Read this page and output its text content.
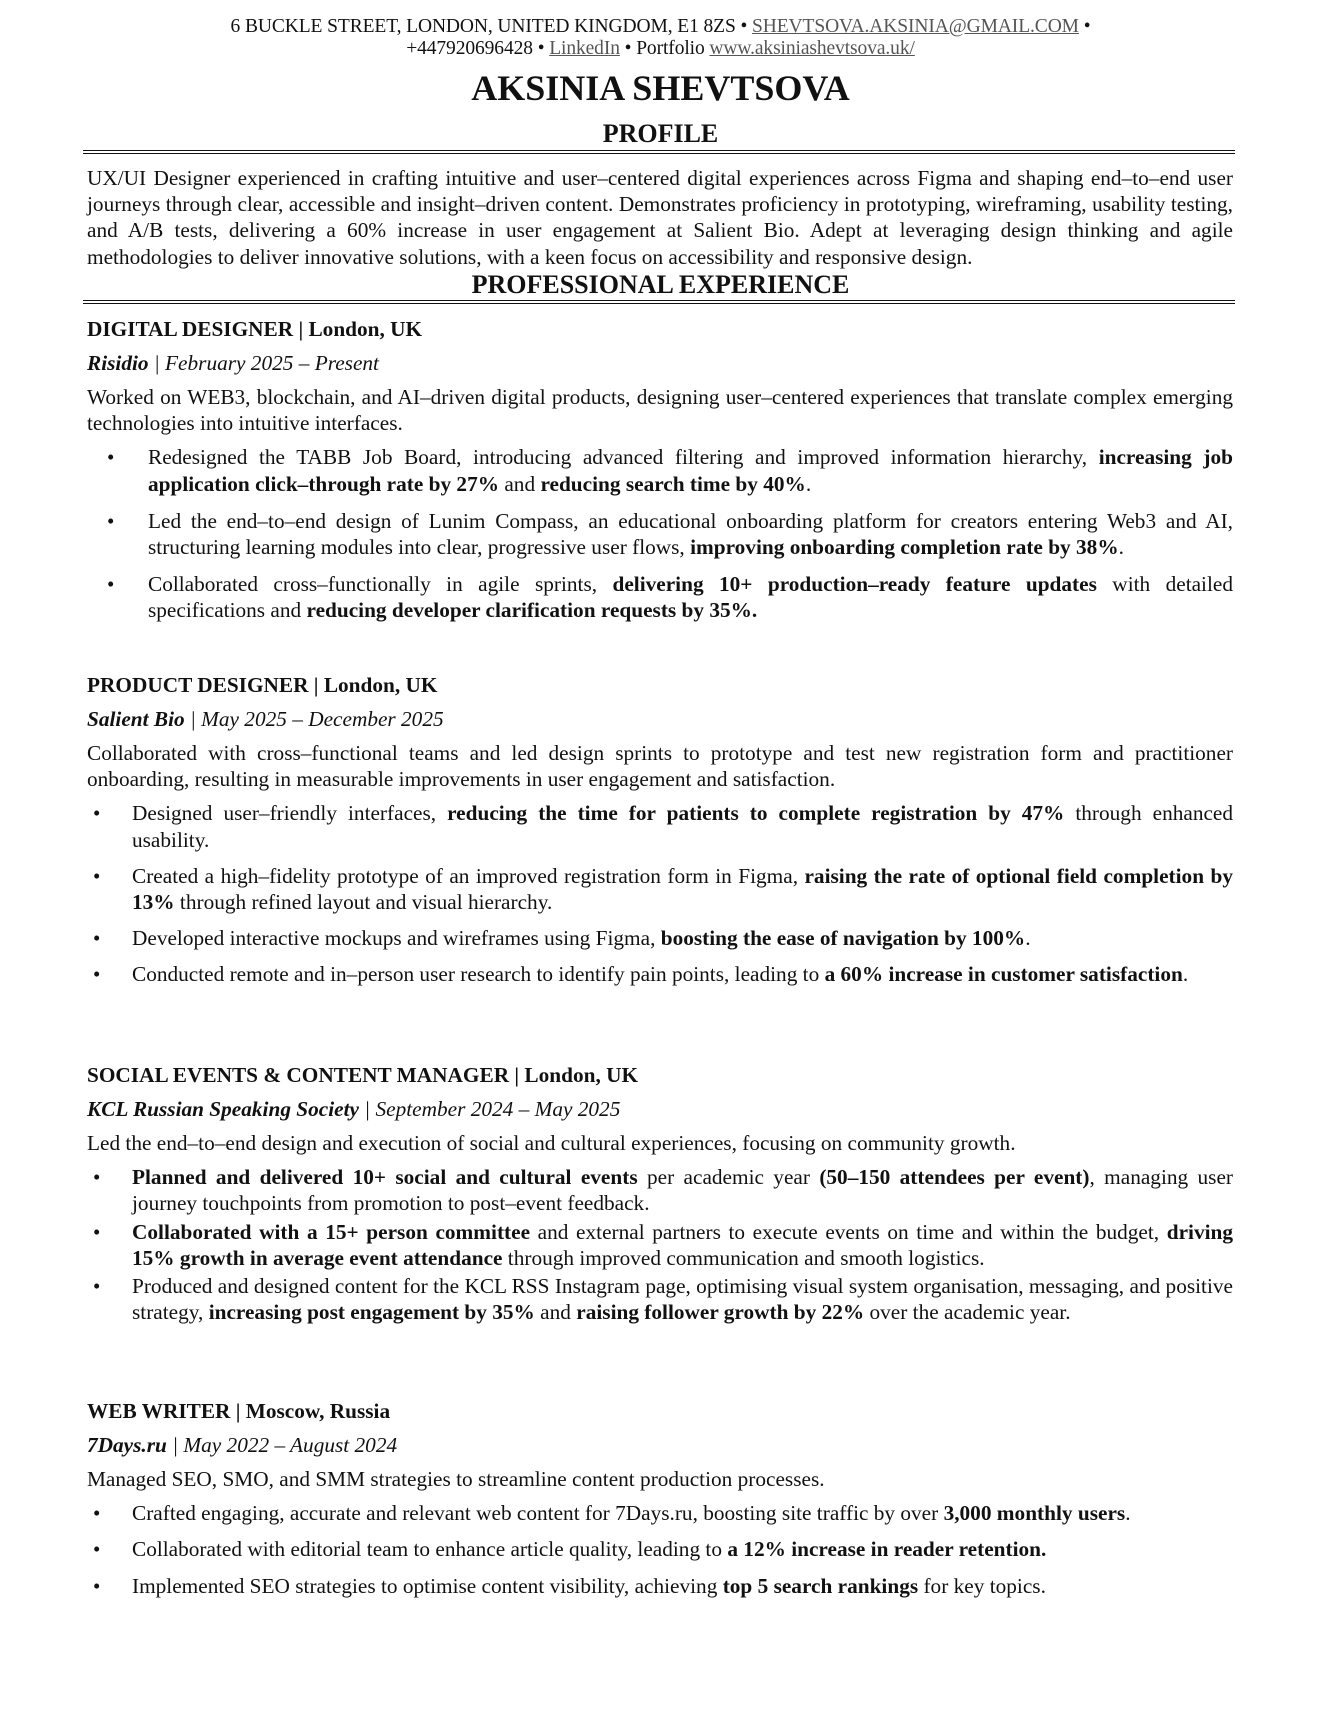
6 BUCKLE STREET, LONDON, UNITED KINGDOM, E1 8ZS • SHEVTSOVA.AKSINIA@GMAIL.COM •
+447920696428 • LinkedIn • Portfolio www.aksiniashevtsova.uk/
AKSINIA SHEVTSOVA
PROFILE
UX/UI Designer experienced in crafting intuitive and user–centered digital experiences across Figma and shaping end–to–end user journeys through clear, accessible and insight–driven content. Demonstrates proficiency in prototyping, wireframing, usability testing, and A/B tests, delivering a 60% increase in user engagement at Salient Bio. Adept at leveraging design thinking and agile methodologies to deliver innovative solutions, with a keen focus on accessibility and responsive design.
PROFESSIONAL EXPERIENCE

DIGITAL DESIGNER | London, UK

Risidio | February 2025 – Present

Worked on WEB3, blockchain, and AI–driven digital products, designing user–centered experiences that translate complex emerging technologies into intuitive interfaces.

• Redesigned the TABB Job Board, introducing advanced filtering and improved information hierarchy, increasing job application click–through rate by 27% and reducing search time by 40%.
• Led the end–to–end design of Lunim Compass, an educational onboarding platform for creators entering Web3 and AI, structuring learning modules into clear, progressive user flows, improving onboarding completion rate by 38%.
• Collaborated cross–functionally in agile sprints, delivering 10+ production–ready feature updates with detailed specifications and reducing developer clarification requests by 35%.

PRODUCT DESIGNER | London, UK

Salient Bio | May 2025 – December 2025

Collaborated with cross–functional teams and led design sprints to prototype and test new registration form and practitioner onboarding, resulting in measurable improvements in user engagement and satisfaction.

• Designed user–friendly interfaces, reducing the time for patients to complete registration by 47% through enhanced usability.
• Created a high–fidelity prototype of an improved registration form in Figma, raising the rate of optional field completion by 13% through refined layout and visual hierarchy.
• Developed interactive mockups and wireframes using Figma, boosting the ease of navigation by 100%.
• Conducted remote and in–person user research to identify pain points, leading to a 60% increase in customer satisfaction.

SOCIAL EVENTS & CONTENT MANAGER | London, UK

KCL Russian Speaking Society | September 2024 – May 2025

Led the end–to–end design and execution of social and cultural experiences, focusing on community growth.

• Planned and delivered 10+ social and cultural events per academic year (50–150 attendees per event), managing user journey touchpoints from promotion to post–event feedback.
• Collaborated with a 15+ person committee and external partners to execute events on time and within the budget, driving 15% growth in average event attendance through improved communication and smooth logistics.
• Produced and designed content for the KCL RSS Instagram page, optimising visual system organisation, messaging, and positive strategy, increasing post engagement by 35% and raising follower growth by 22% over the academic year.

WEB WRITER | Moscow, Russia

7Days.ru | May 2022 – August 2024

Managed SEO, SMO, and SMM strategies to streamline content production processes.

• Crafted engaging, accurate and relevant web content for 7Days.ru, boosting site traffic by over 3,000 monthly users.
• Collaborated with editorial team to enhance article quality, leading to a 12% increase in reader retention.
• Implemented SEO strategies to optimise content visibility, achieving top 5 search rankings for key topics.
